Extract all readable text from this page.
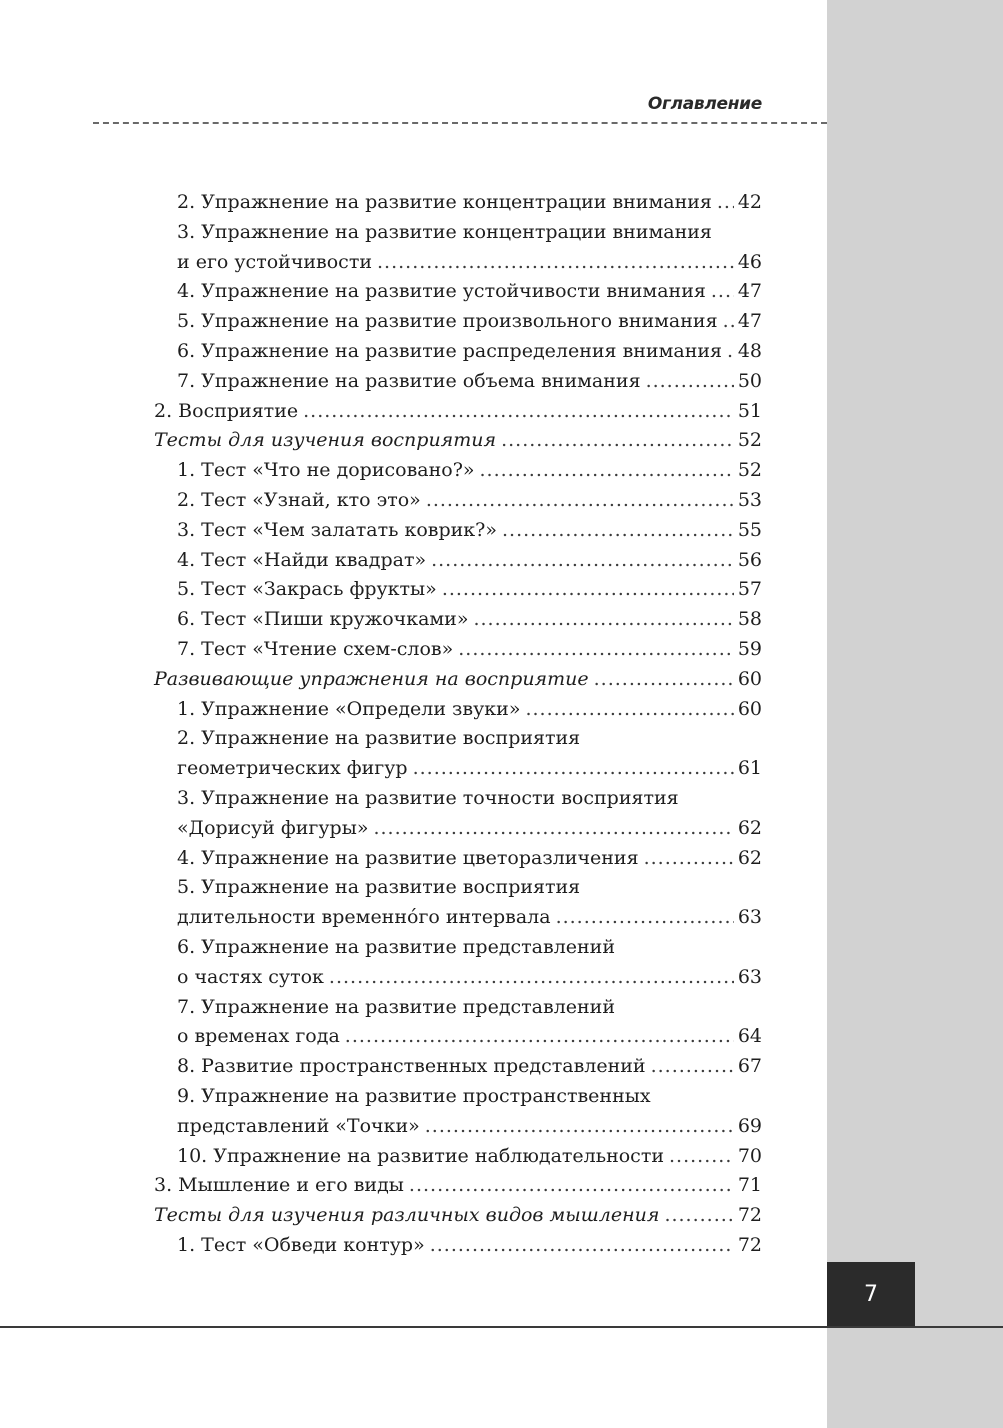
Оглавление
2. Упражнение на развитие концентрации внимания ..... 42
3. Упражнение на развитие концентрации внимания
и его устойчивости .....	46
4. Упражнение на развитие устойчивости внимания ..... 47
5. Упражнение на развитие произвольного внимания ..... 47
6. Упражнение на развитие распределения внимания ..... 48
7. Упражнение на развитие объема внимания .....	50
2. Восприятие .....	51
Тесты для изучения восприятия .....	52
1. Тест «Что не дорисовано?» .....	52
2. Тест «Узнай, кто это» .....	53
3. Тест «Чем залатать коврик?» .....	55
4. Тест «Найди квадрат» .....	56
5. Тест «Закрась фрукты» .....	57
6. Тест «Пиши кружочками» .....	58
7. Тест «Чтение схем-слов» .....	59
Развивающие упражнения на восприятие .....	60
1. Упражнение «Определи звуки» .....	60
2. Упражнение на развитие восприятия
геометрических фигур .....	61
3. Упражнение на развитие точности восприятия
«Дорисуй фигуры» .....	62
4. Упражнение на развитие цветоразличения .....	62
5. Упражнение на развитие восприятия
длительности временно́го интервала .....	63
6. Упражнение на развитие представлений
о частях суток .....	63
7. Упражнение на развитие представлений
о временах года .....	64
8. Развитие пространственных представлений .....	67
9. Упражнение на развитие пространственных
представлений «Точки» .....	69
10. Упражнение на развитие наблюдательности .....	70
3. Мышление и его виды .....	71
Тесты для изучения различных видов мышления .....	72
1. Тест «Обведи контур» .....	72
7
